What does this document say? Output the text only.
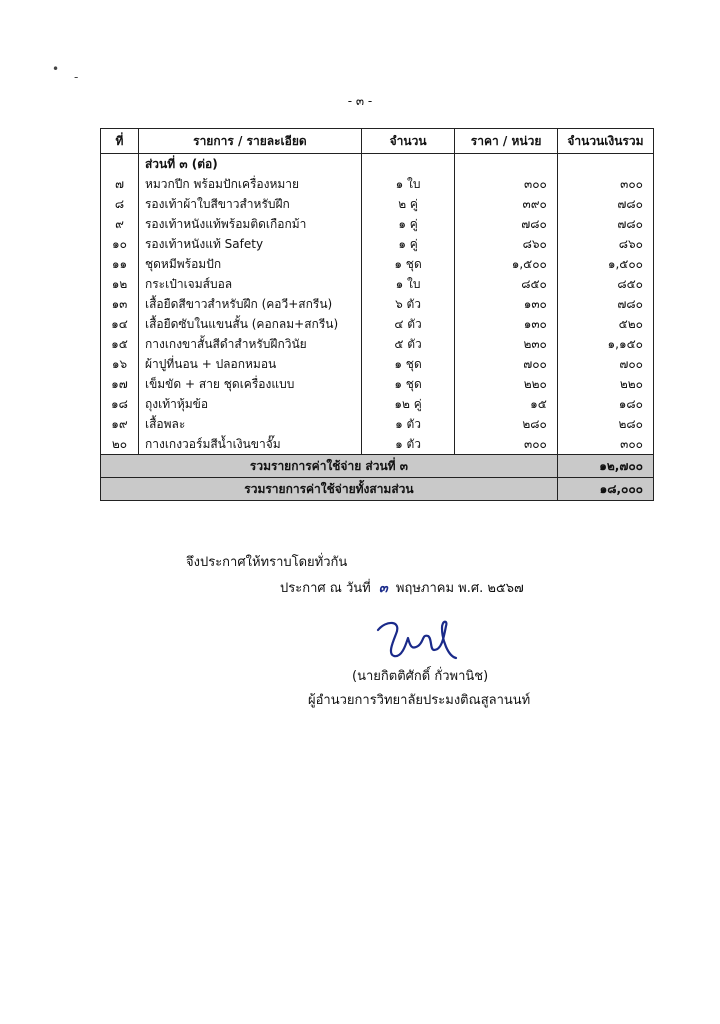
•
-
- ๓ -
ที่	รายการ / รายละเอียด	จำนวน	ราคา / หน่วย	จำนวนเงินรวม
	ส่วนที่ ๓ (ต่อ)			
๗	หมวกปีก พร้อมปักเครื่องหมาย	๑ ใบ	๓๐๐	๓๐๐
๘	รองเท้าผ้าใบสีขาวสำหรับฝึก	๒ คู่	๓๙๐	๗๘๐
๙	รองเท้าหนังแท้พร้อมติดเกือกม้า	๑ คู่	๗๘๐	๗๘๐
๑๐	รองเท้าหนังแท้ Safety	๑ คู่	๘๖๐	๘๖๐
๑๑	ชุดหมีพร้อมปัก	๑ ชุด	๑,๕๐๐	๑,๕๐๐
๑๒	กระเป๋าเจมส์บอล	๑ ใบ	๘๕๐	๘๕๐
๑๓	เสื้อยืดสีขาวสำหรับฝึก (คอวี+สกรีน)	๖ ตัว	๑๓๐	๗๘๐
๑๔	เสื้อยืดซับในแขนสั้น (คอกลม+สกรีน)	๔ ตัว	๑๓๐	๕๒๐
๑๕	กางเกงขาสั้นสีดำสำหรับฝึกวินัย	๕ ตัว	๒๓๐	๑,๑๕๐
๑๖	ผ้าปูที่นอน + ปลอกหมอน	๑ ชุด	๗๐๐	๗๐๐
๑๗	เข็มขัด + สาย ชุดเครื่องแบบ	๑ ชุด	๒๒๐	๒๒๐
๑๘	ถุงเท้าหุ้มข้อ	๑๒ คู่	๑๕	๑๘๐
๑๙	เสื้อพละ	๑ ตัว	๒๘๐	๒๘๐
๒๐	กางเกงวอร์มสีน้ำเงินขาจั๊ม	๑ ตัว	๓๐๐	๓๐๐
รวมรายการค่าใช้จ่าย ส่วนที่ ๓				๑๒,๗๐๐
รวมรายการค่าใช้จ่ายทั้งสามส่วน				๑๘,๐๐๐
จึงประกาศให้ทราบโดยทั่วกัน
ประกาศ ณ วันที่ ๓ พฤษภาคม พ.ศ. ๒๕๖๗
(นายกิตติศักดิ์ กั่วพานิช)
ผู้อำนวยการวิทยาลัยประมงติณสูลานนท์
